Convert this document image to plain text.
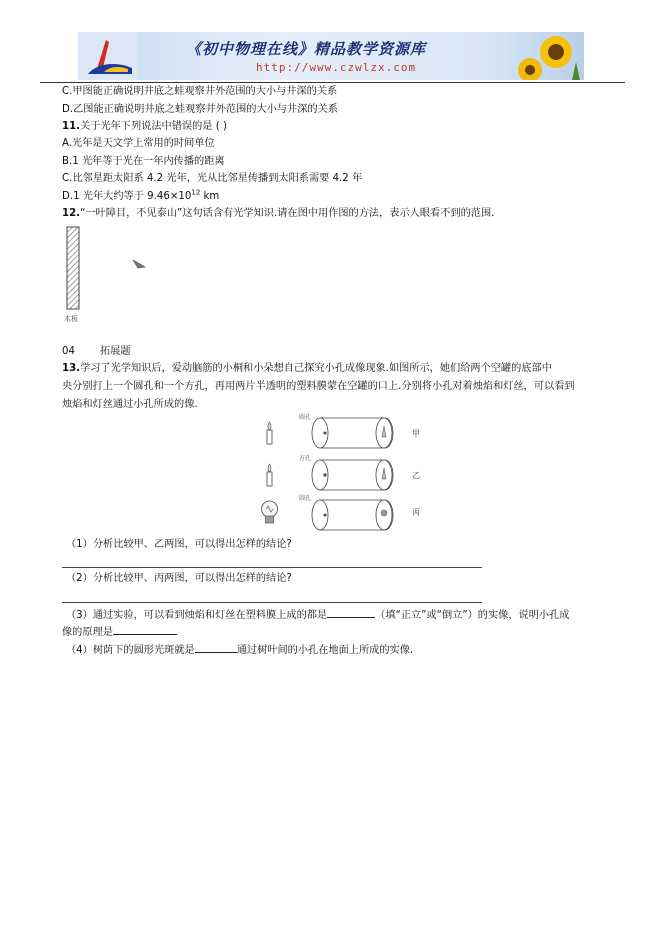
《初中物理在线》精品教学资源库
http://www.czwlzx.com
C.甲图能正确说明井底之蛙观察井外范围的大小与井深的关系
D.乙图能正确说明井底之蛙观察井外范围的大小与井深的关系
11.关于光年下列说法中错误的是 ( )
A.光年是天文学上常用的时间单位
B.1 光年等于光在一年内传播的距离
C.比邻星距太阳系 4.2 光年，光从比邻星传播到太阳系需要 4.2 年
D.1 光年大约等于 $9.46\times 10^{12}$ km
12.“一叶障目，不见泰山”这句话含有光学知识.请在图中用作图的方法，表示人眼看不到的范围.
木板
04 拓展题
13.学习了光学知识后，爱动脑筋的小桐和小朵想自己探究小孔成像现象.如图所示，她们给两个空罐的底部中
央分别打上一个圆孔和一个方孔，再用两片半透明的塑料膜蒙在空罐的口上.分别将小孔对着烛焰和灯丝，可以看到
烛焰和灯丝通过小孔所成的像.
圆孔
方孔
圆孔
甲
乙
丙
（1）分析比较甲、乙两图，可以得出怎样的结论?
（2）分析比较甲、丙两图，可以得出怎样的结论?
（3）通过实验，可以看到烛焰和灯丝在塑料膜上成的都是	（填“正立”或“倒立”）的实像，说明小孔成
像的原理是
（4）树荫下的圆形光斑就是	通过树叶间的小孔在地面上所成的实像.
